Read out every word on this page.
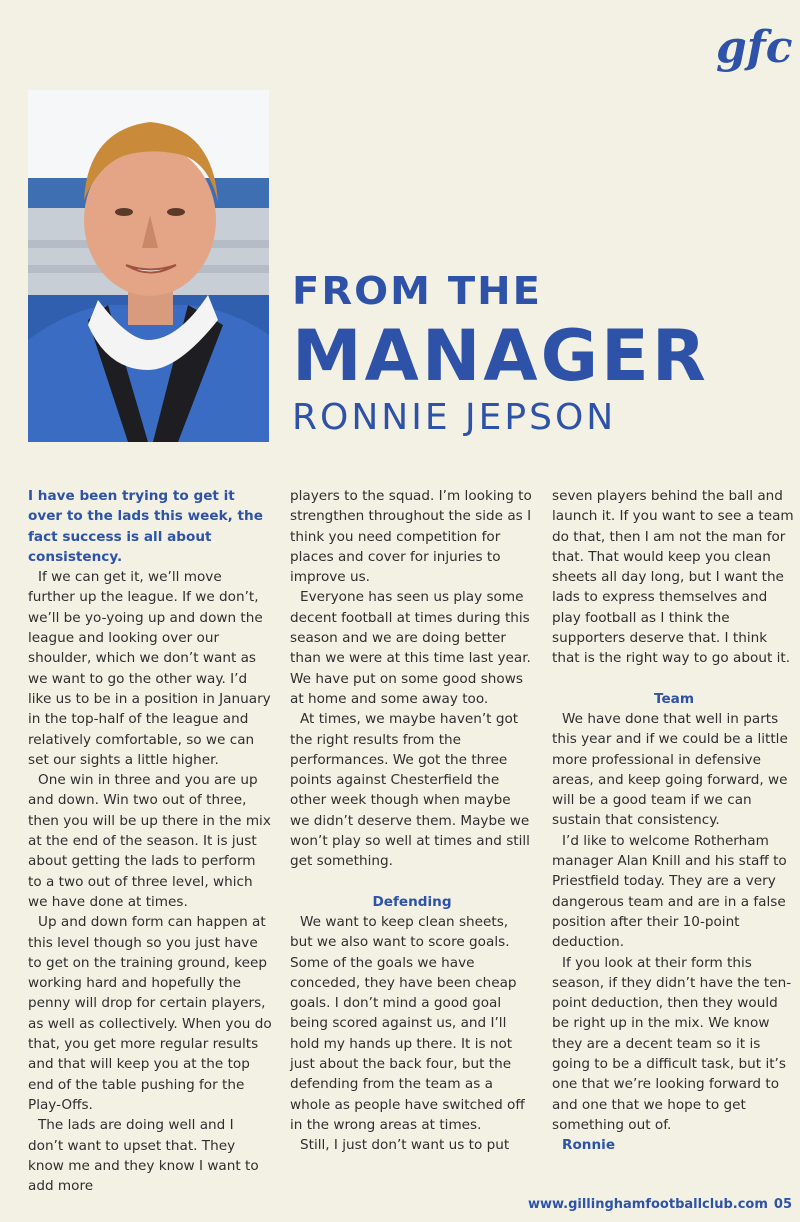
gfc
FROM THE
MANAGER
RONNIE JEPSON

I have been trying to get it over to the lads this week, the fact success is all about consistency.

If we can get it, we’ll move further up the league. If we don’t, we’ll be yo-yoing up and down the league and looking over our shoulder, which we don’t want as we want to go the other way. I’d like us to be in a position in January in the top-half of the league and relatively comfortable, so we can set our sights a little higher.

One win in three and you are up and down. Win two out of three, then you will be up there in the mix at the end of the season. It is just about getting the lads to perform to a two out of three level, which we have done at times.

Up and down form can happen at this level though so you just have to get on the training ground, keep working hard and hopefully the penny will drop for certain players, as well as collectively. When you do that, you get more regular results and that will keep you at the top end of the table pushing for the Play-Offs.

The lads are doing well and I don’t want to upset that. They know me and they know I want to add more

players to the squad. I’m looking to strengthen throughout the side as I think you need competition for places and cover for injuries to improve us.

Everyone has seen us play some decent football at times during this season and we are doing better than we were at this time last year. We have put on some good shows at home and some away too.

At times, we maybe haven’t got the right results from the performances. We got the three points against Chesterfield the other week though when maybe we didn’t deserve them. Maybe we won’t play so well at times and still get something.

Defending

We want to keep clean sheets, but we also want to score goals. Some of the goals we have conceded, they have been cheap goals. I don’t mind a good goal being scored against us, and I’ll hold my hands up there. It is not just about the back four, but the defending from the team as a whole as people have switched off in the wrong areas at times.

Still, I just don’t want us to put

seven players behind the ball and launch it. If you want to see a team do that, then I am not the man for that. That would keep you clean sheets all day long, but I want the lads to express themselves and play football as I think the supporters deserve that. I think that is the right way to go about it.

Team

We have done that well in parts this year and if we could be a little more professional in defensive areas, and keep going forward, we will be a good team if we can sustain that consistency.

I’d like to welcome Rotherham manager Alan Knill and his staff to Priestfield today. They are a very dangerous team and are in a false position after their 10-point deduction.

If you look at their form this season, if they didn’t have the ten-point deduction, then they would be right up in the mix. We know they are a decent team so it is going to be a difficult task, but it’s one that we’re looking forward to and one that we hope to get something out of.

Ronnie

www.gillinghamfootballclub.com 05
